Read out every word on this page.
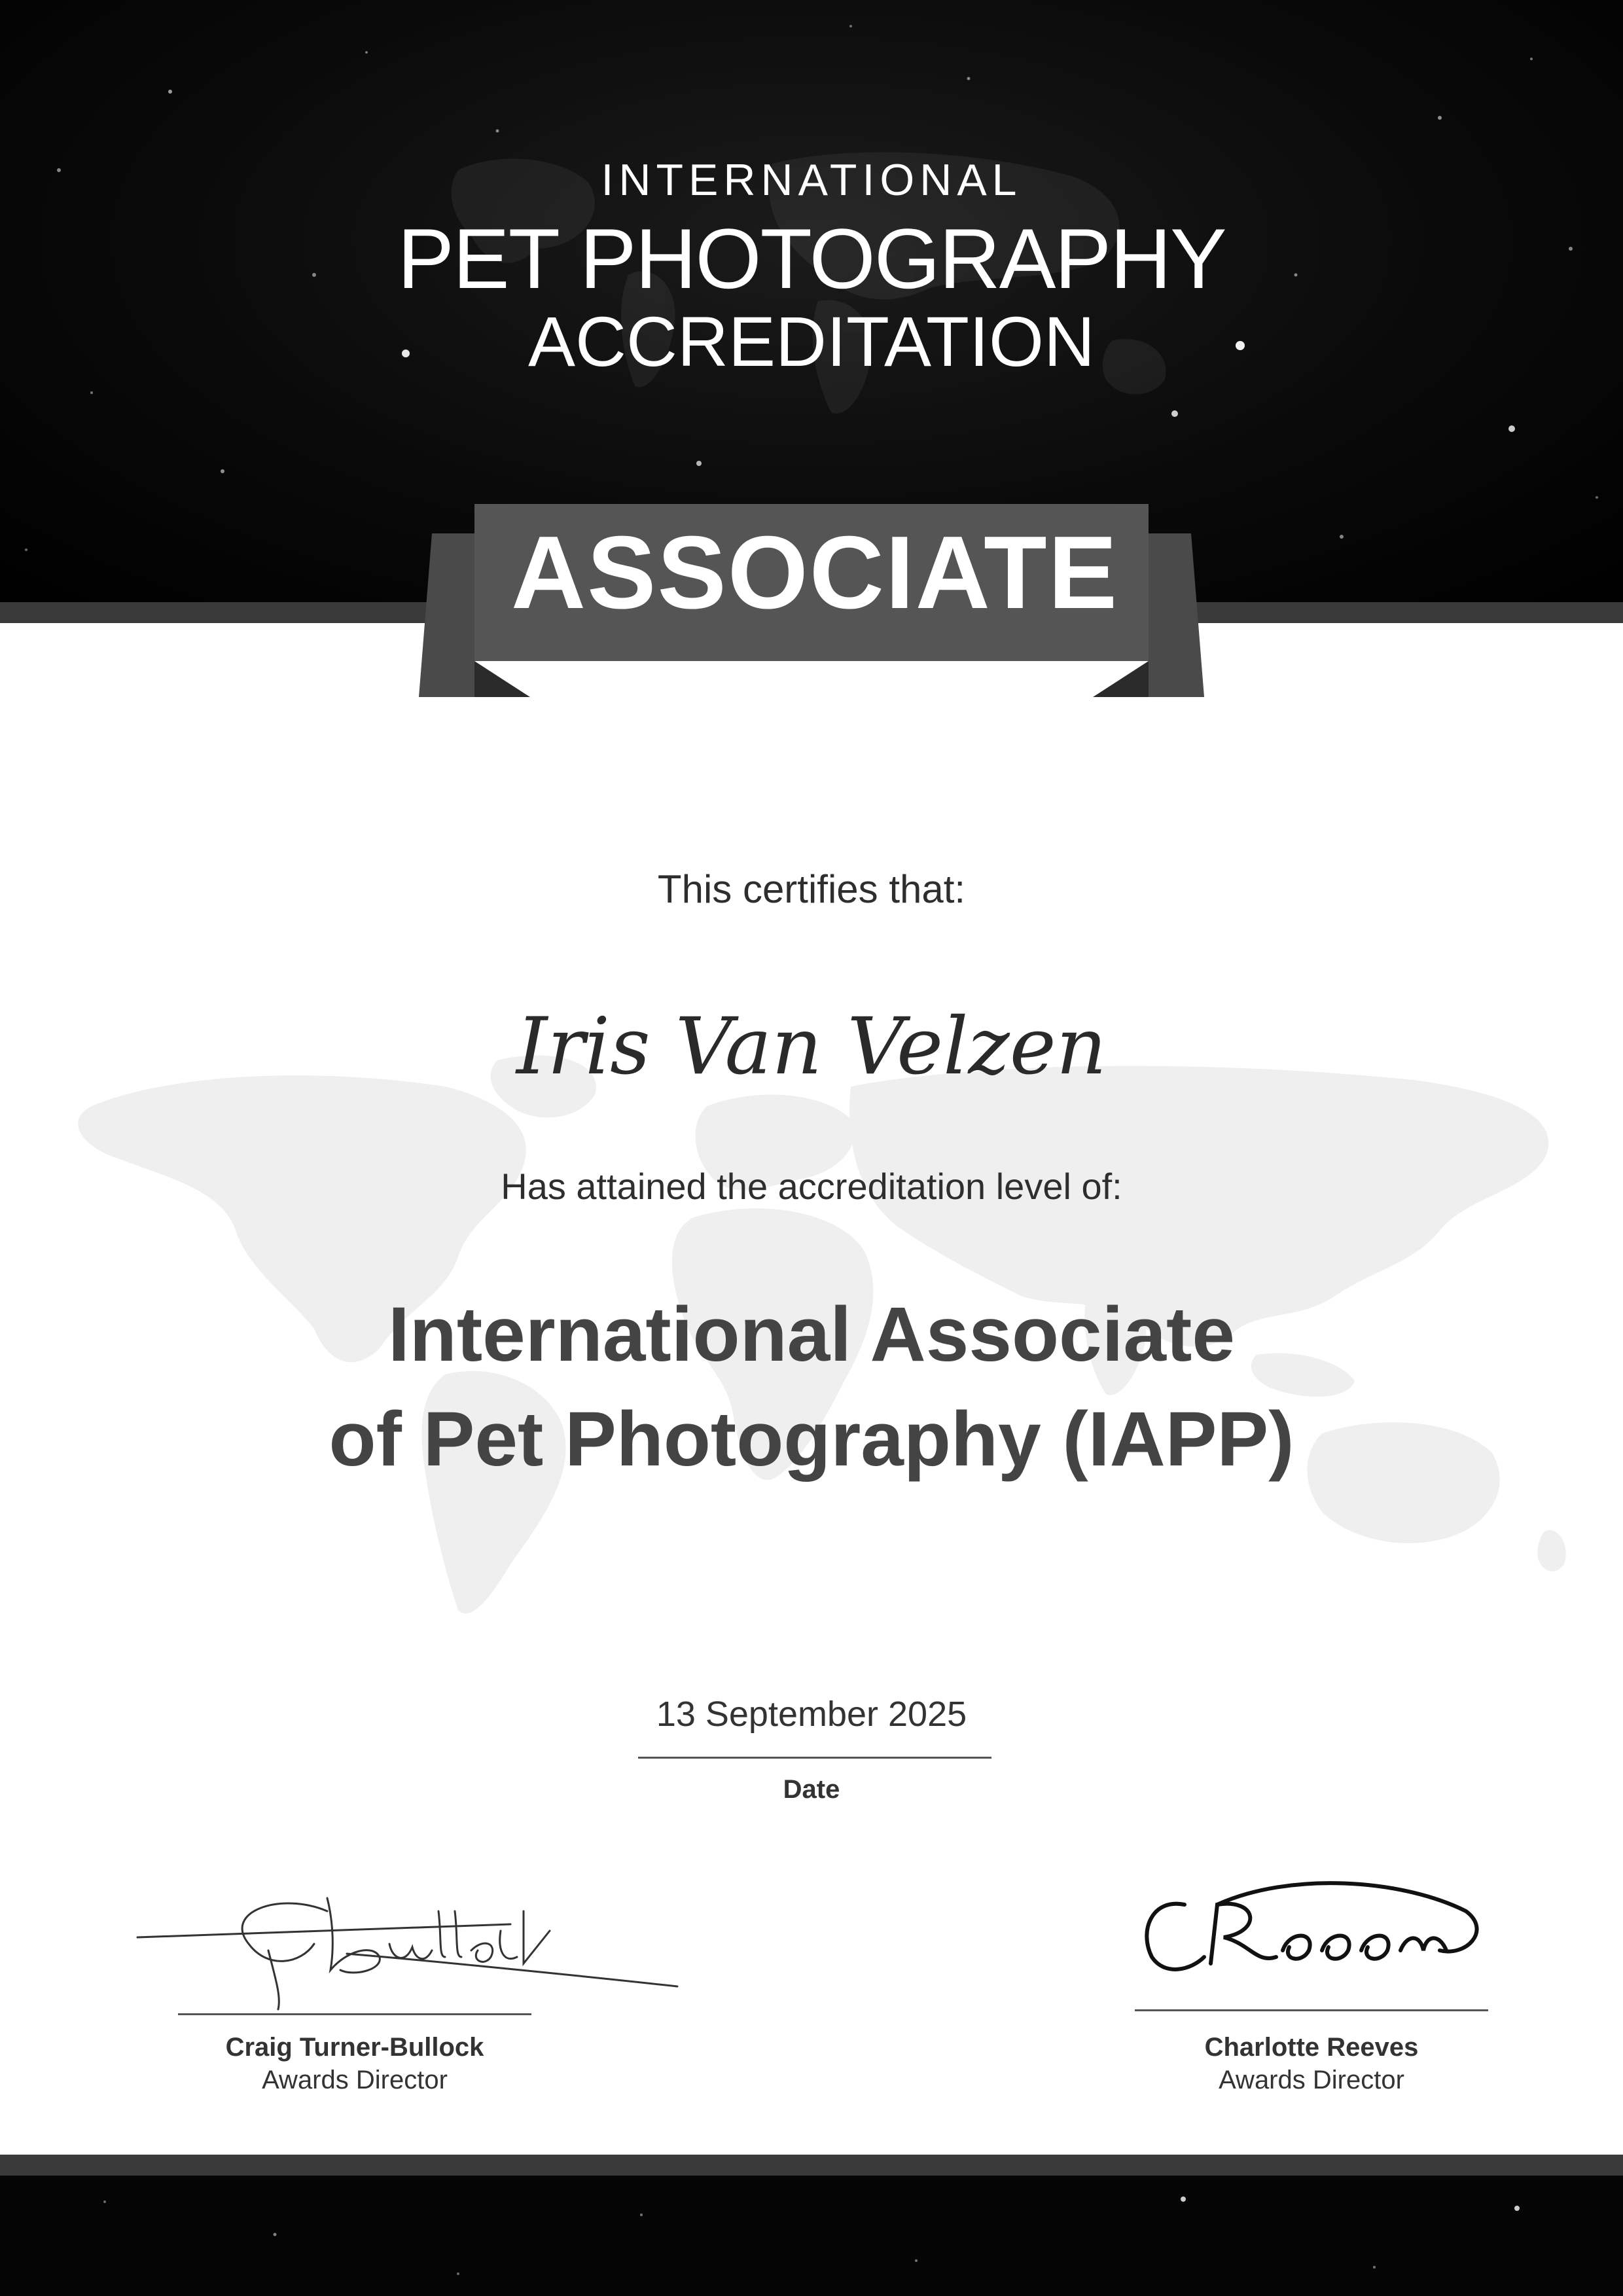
INTERNATIONAL
PET PHOTOGRAPHY
ACCREDITATION
ASSOCIATE
This certifies that:
Iris Van Velzen
Has attained the accreditation level of:
International Associate
of Pet Photography (IAPP)
13 September 2025
Date
Craig Turner-Bullock
Awards Director
Charlotte Reeves
Awards Director
